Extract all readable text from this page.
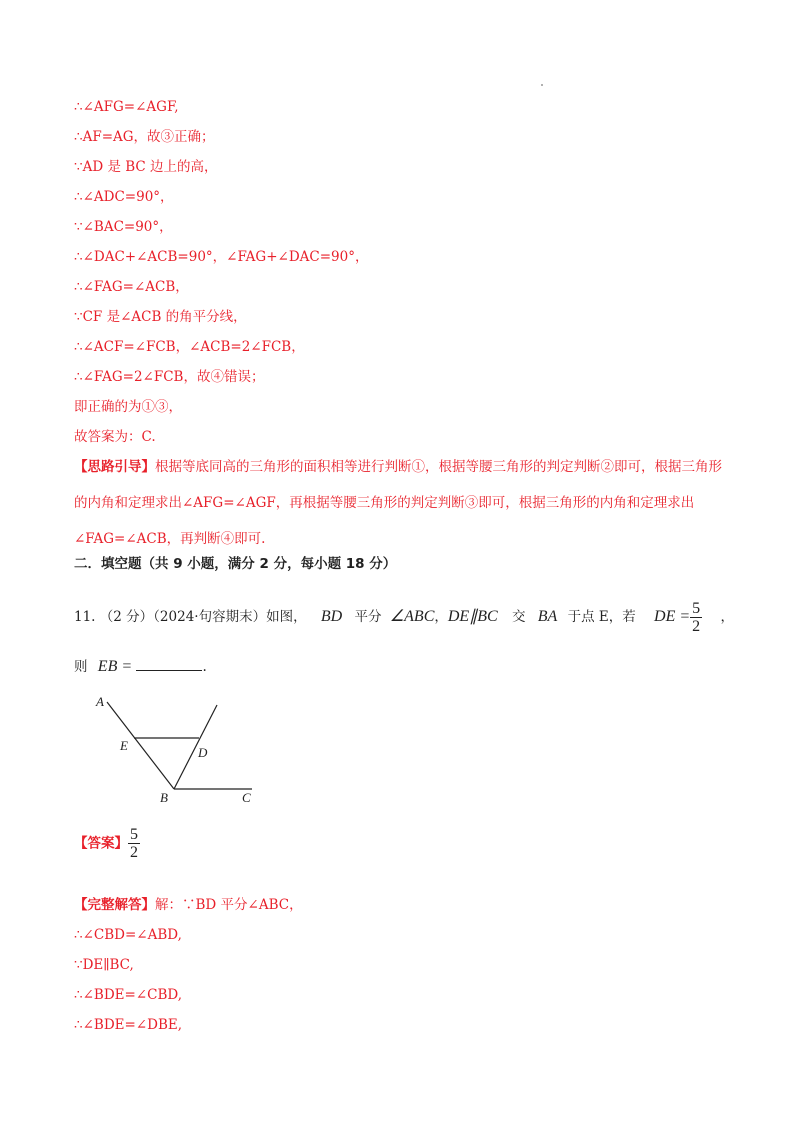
∴∠AFG=∠AGF,
∴AF=AG，故③正确；
∵AD 是 BC 边上的高，
∴∠ADC=90°，
∵∠BAC=90°，
∴∠DAC+∠ACB=90°，∠FAG+∠DAC=90°，
∴∠FAG=∠ACB，
∵CF 是∠ACB 的角平分线，
∴∠ACF=∠FCB，∠ACB=2∠FCB，
∴∠FAG=2∠FCB，故④错误；
即正确的为①③，
故答案为：C.
【思路引导】根据等底同高的三角形的面积相等进行判断①，根据等腰三角形的判定判断②即可，根据三角形的内角和定理求出∠AFG=∠AGF，再根据等腰三角形的判定判断③即可，根据三角形的内角和定理求出∠FAG=∠ACB，再判断④即可.
二．填空题（共 9 小题，满分 2 分，每小题 18 分）
11. （2 分）（2024·句容期末）如图， BD 平分 ∠ABC，DE∥BC 交 BA 于点 E，若 DE = $\frac{5}{2}$ ，
则 EB =	.
A
E	D
B	C
【答案】 $\frac{5}{2}$
【完整解答】解：∵BD 平分∠ABC，
∴∠CBD=∠ABD,
∵DE∥BC,
∴∠BDE=∠CBD,
∴∠BDE=∠DBE,
